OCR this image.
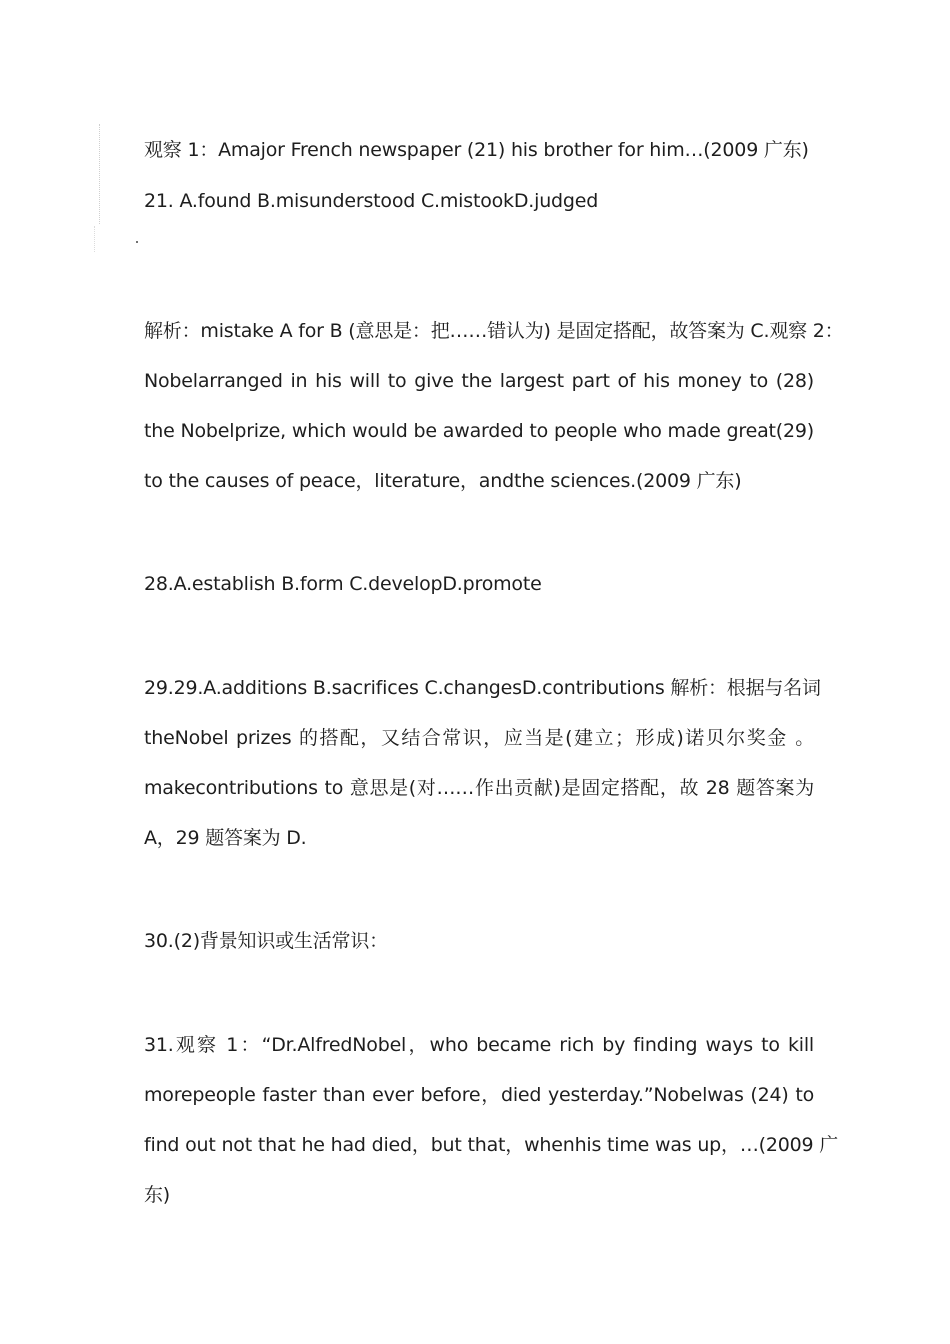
观察 1：Amajor French newspaper (21) his brother for him…(2009 广东)
21. A.found B.misunderstood C.mistookD.judged
解析：mistake A for B (意思是：把……错认为) 是固定搭配，故答案为 C.观察 2：
Nobelarranged in his will to give the largest part of his money to (28)
the Nobelprize, which would be awarded to people who made great(29)
to the causes of peace，literature，andthe sciences.(2009 广东)
28.A.establish B.form C.developD.promote
29.29.A.additions B.sacrifices C.changesD.contributions 解析：根据与名词
theNobel prizes 的搭配，又结合常识，应当是(建立；形成)诺贝尔奖金 。
makecontributions to 意思是(对……作出贡献)是固定搭配，故 28 题答案为
A，29 题答案为 D.
30.(2)背景知识或生活常识：
31.观察 1：“Dr.AlfredNobel，who became rich by finding ways to kill
morepeople faster than ever before，died yesterday.”Nobelwas (24) to
find out not that he had died，but that，whenhis time was up，…(2009 广
东)
